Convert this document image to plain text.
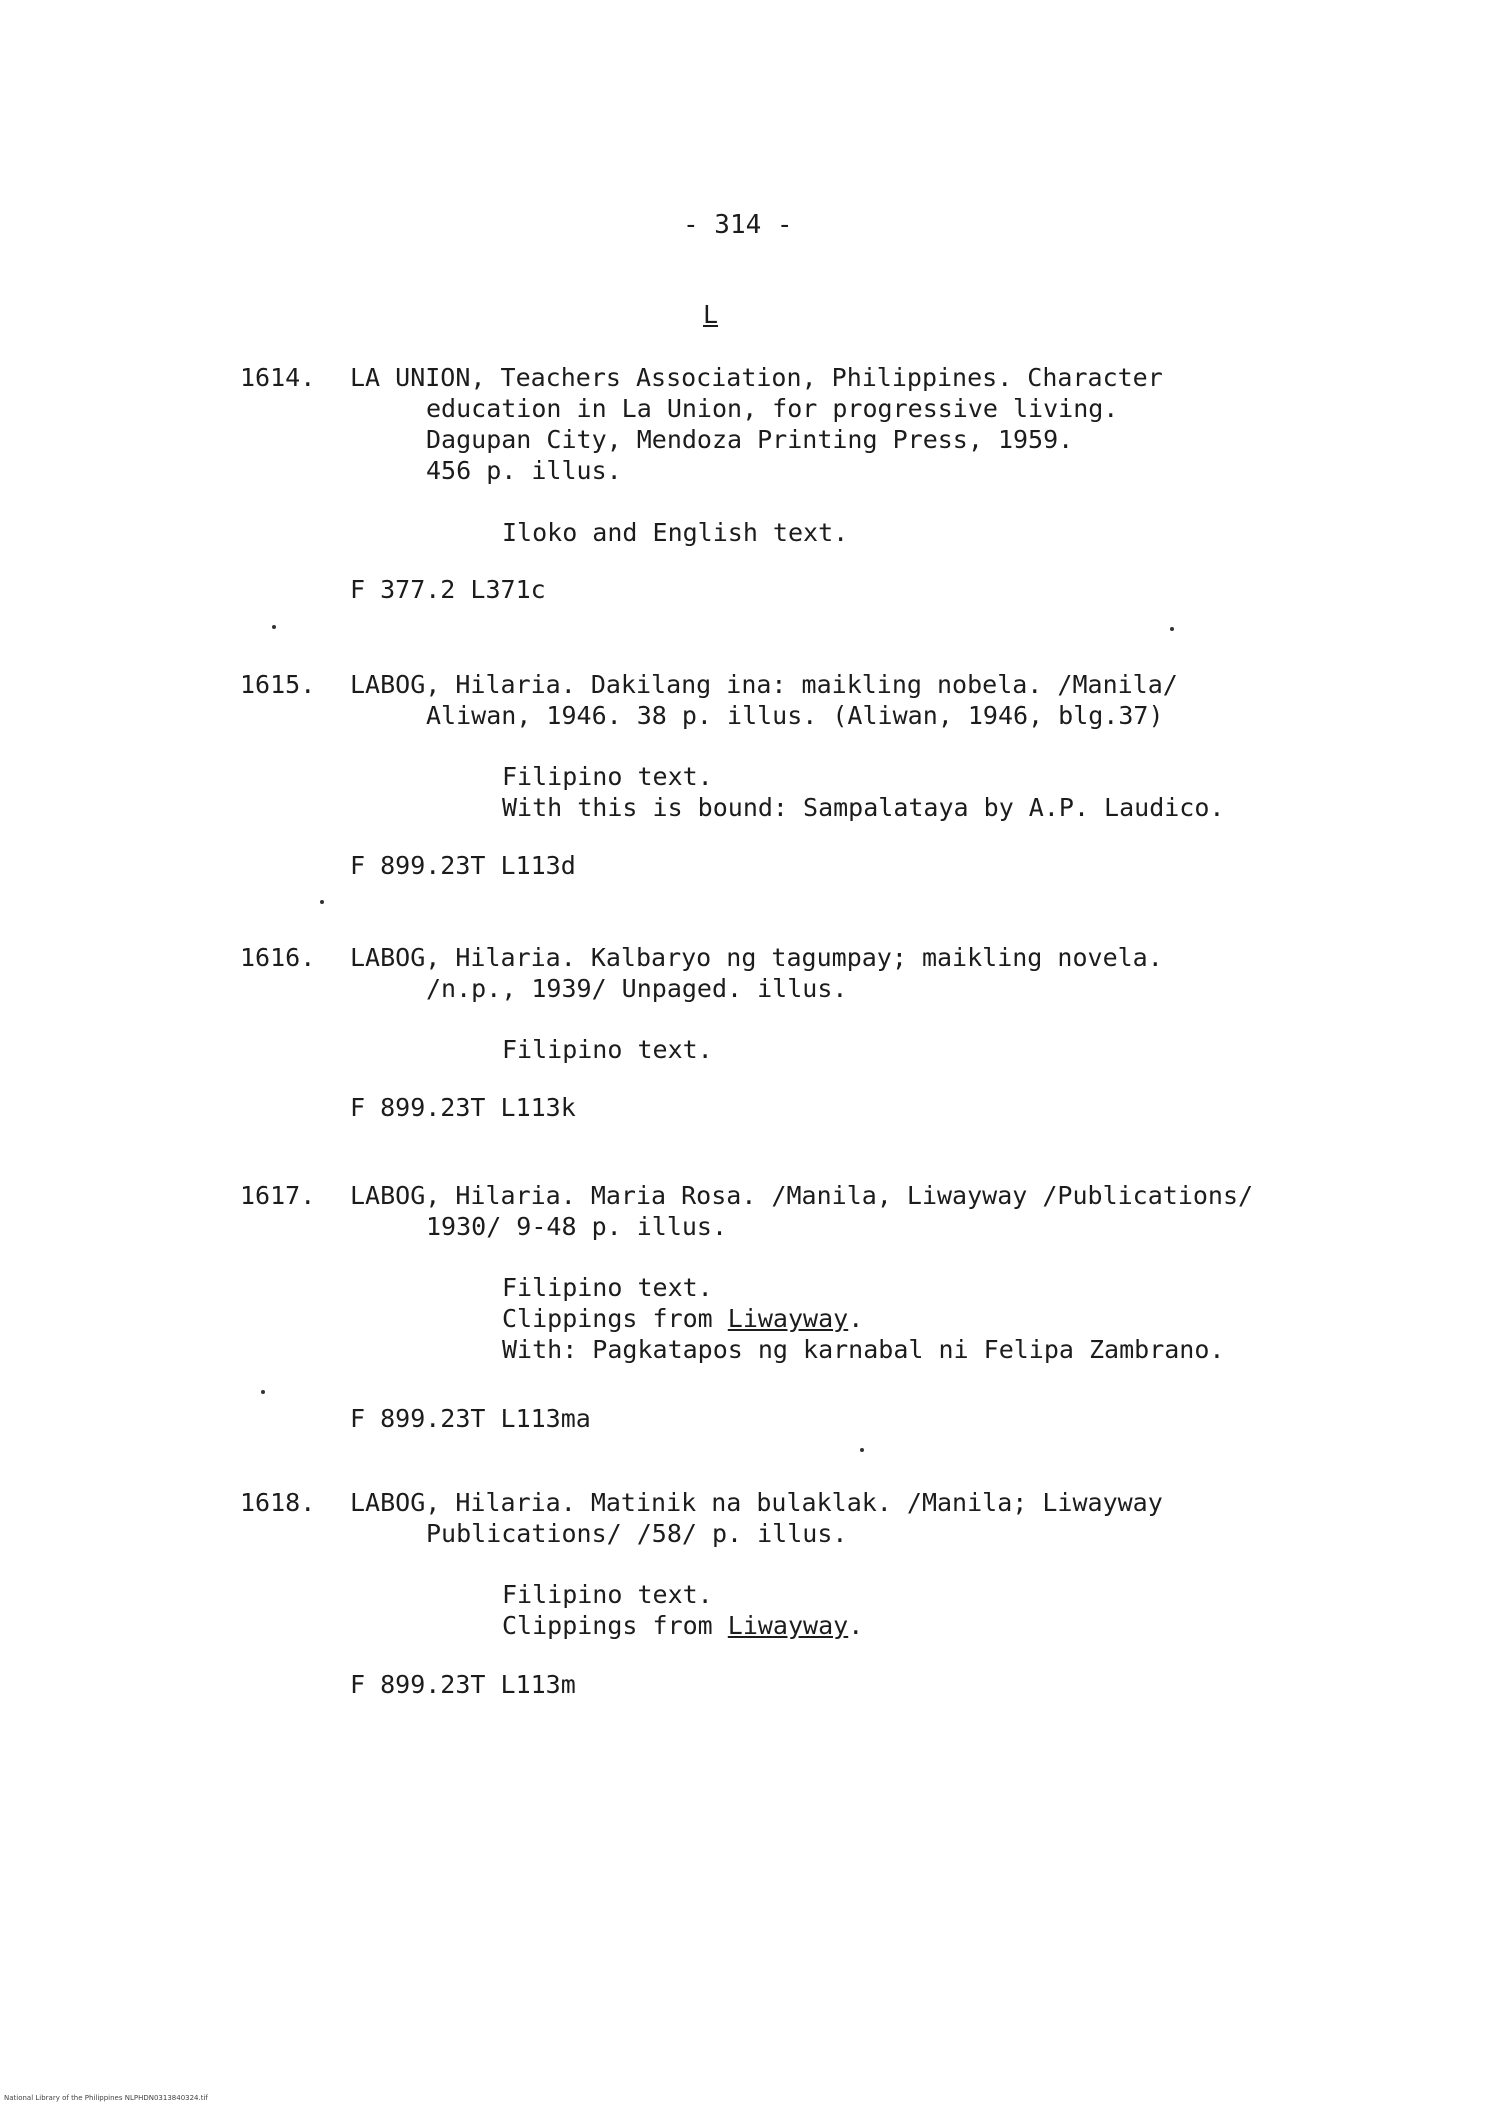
- 314 -
L
1614. LA UNION, Teachers Association, Philippines. Character
education in La Union, for progressive living.
Dagupan City, Mendoza Printing Press, 1959.
456 p. illus.
Iloko and English text.
F 377.2 L371c
1615. LABOG, Hilaria. Dakilang ina: maikling nobela. /Manila/
Aliwan, 1946. 38 p. illus. (Aliwan, 1946, blg.37)
Filipino text.
With this is bound: Sampalataya by A.P. Laudico.
F 899.23T L113d
1616. LABOG, Hilaria. Kalbaryo ng tagumpay; maikling novela.
/n.p., 1939/ Unpaged. illus.
Filipino text.
F 899.23T L113k
1617. LABOG, Hilaria. Maria Rosa. /Manila, Liwayway /Publications/
1930/ 9-48 p. illus.
Filipino text.
Clippings from Liwayway.
With: Pagkatapos ng karnabal ni Felipa Zambrano.
F 899.23T L113ma
1618. LABOG, Hilaria. Matinik na bulaklak. /Manila; Liwayway
Publications/ /58/ p. illus.
Filipino text.
Clippings from Liwayway.
F 899.23T L113m
National Library of the Philippines NLPHDN0313840324.tif
